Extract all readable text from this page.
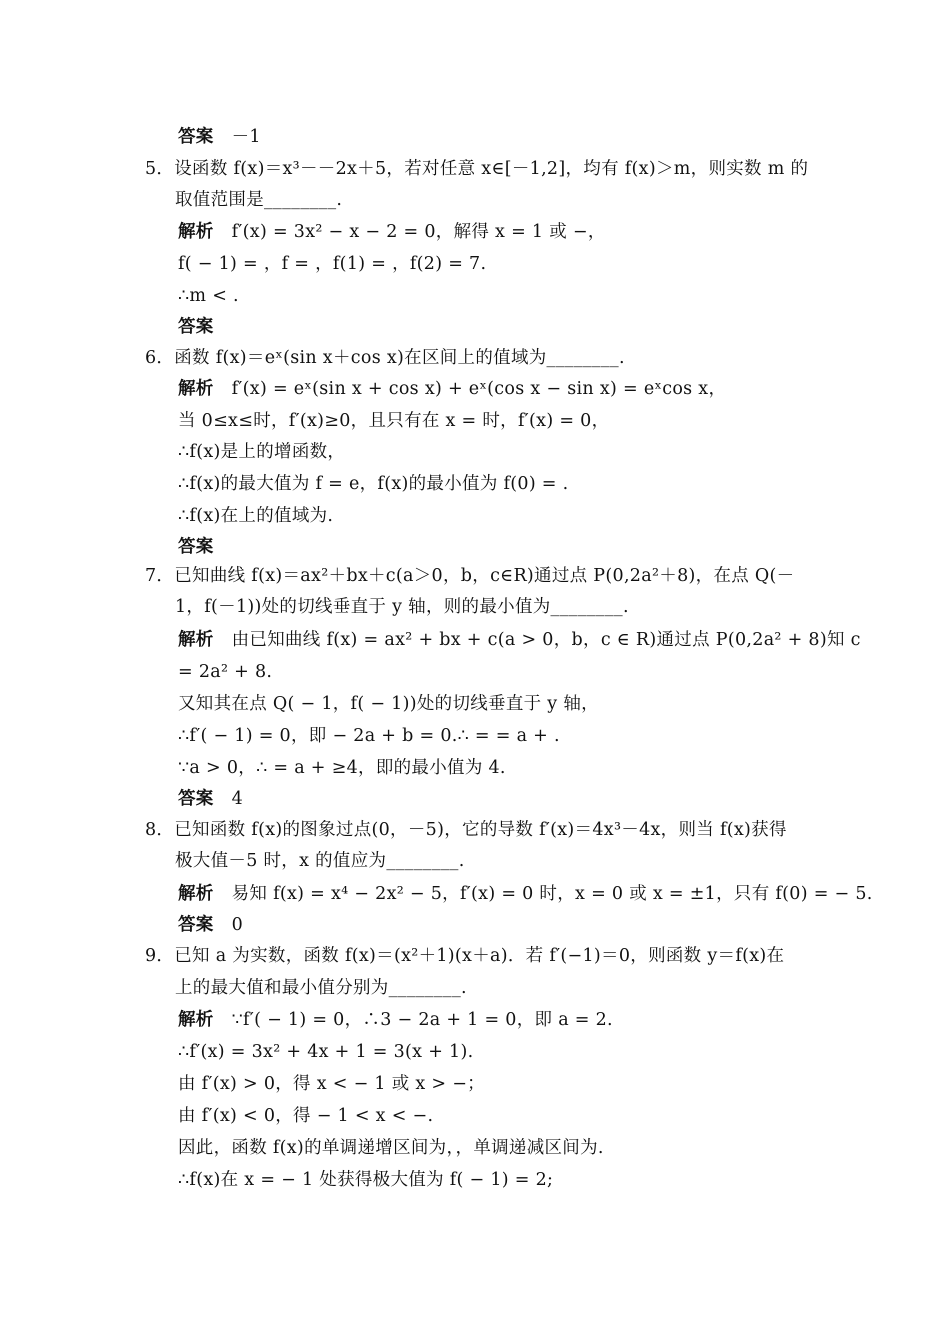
答案 －1
5．设函数 f(x)＝x³－－2x＋5，若对任意 x∈[－1,2]，均有 f(x)＞m，则实数 m 的
取值范围是________.
解析 f′(x) = 3x² − x − 2 = 0，解得 x = 1 或 −，
f( − 1) = ，f = ，f(1) = ，f(2) = 7.
∴m < .
答案
6．函数 f(x)＝eˣ(sin x＋cos x)在区间上的值域为________.
解析 f′(x) = eˣ(sin x + cos x) + eˣ(cos x − sin x) = eˣcos x，
当 0≤x≤时，f′(x)≥0，且只有在 x = 时，f′(x) = 0，
∴f(x)是上的增函数，
∴f(x)的最大值为 f = e，f(x)的最小值为 f(0) = .
∴f(x)在上的值域为.
答案
7．已知曲线 f(x)＝ax²＋bx＋c(a＞0，b，c∈R)通过点 P(0,2a²＋8)，在点 Q(－
1，f(－1))处的切线垂直于 y 轴，则的最小值为________.
解析 由已知曲线 f(x) = ax² + bx + c(a > 0，b，c ∈ R)通过点 P(0,2a² + 8)知 c
= 2a² + 8.
又知其在点 Q( − 1，f( − 1))处的切线垂直于 y 轴，
∴f′( − 1) = 0，即 − 2a + b = 0.∴ = = a + .
∵a > 0，∴ = a + ≥4，即的最小值为 4.
答案 4
8．已知函数 f(x)的图象过点(0，－5)，它的导数 f′(x)＝4x³－4x，则当 f(x)获得
极大值－5 时，x 的值应为________.
解析 易知 f(x) = x⁴ − 2x² − 5，f′(x) = 0 时，x = 0 或 x = ±1，只有 f(0) = − 5.
答案 0
9．已知 a 为实数，函数 f(x)＝(x²＋1)(x＋a)．若 f′(−1)＝0，则函数 y＝f(x)在
上的最大值和最小值分别为________.
解析 ∵f′( − 1) = 0，∴3 − 2a + 1 = 0，即 a = 2.
∴f′(x) = 3x² + 4x + 1 = 3(x + 1).
由 f′(x) > 0，得 x < − 1 或 x > −；
由 f′(x) < 0，得 − 1 < x < −.
因此，函数 f(x)的单调递增区间为，，单调递减区间为.
∴f(x)在 x = − 1 处获得极大值为 f( − 1) = 2;
